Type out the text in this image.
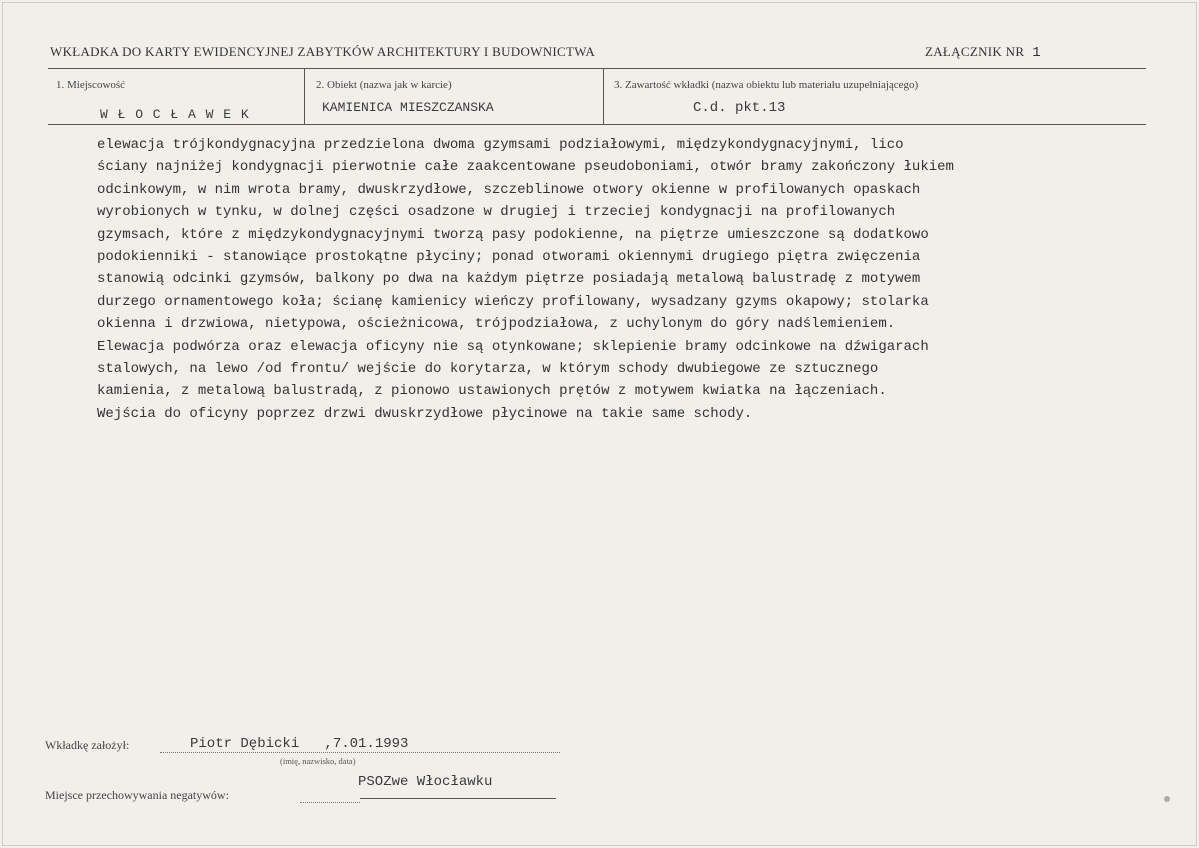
WKŁADKA DO KARTY EWIDENCYJNEJ ZABYTKÓW ARCHITEKTURY I BUDOWNICTWA	ZAŁĄCZNIK NR 1
1. Miejscowość
W Ł O C Ł A W E K
2. Obiekt (nazwa jak w karcie)
KAMIENICA MIESZCZANSKA
3. Zawartość wkładki (nazwa obiektu lub materiału uzupełniającego)
C.d. pkt.13
elewacja trójkondygnacyjna przedzielona dwoma gzymsami podziałowymi, międzykondygnacyjnymi, lico
ściany najniżej kondygnacji pierwotnie całe zaakcentowane pseudoboniami, otwór bramy zakończony łukiem
odcinkowym, w nim wrota bramy, dwuskrzydłowe, szczeblinowe otwory okienne w profilowanych opaskach
wyrobionych w tynku, w dolnej części osadzone w drugiej i trzeciej kondygnacji na profilowanych
gzymsach, które z międzykondygnacyjnymi tworzą pasy podokienne, na piętrze umieszczone są dodatkowo
podokienniki - stanowiące prostokątne płyciny; ponad otworami okiennymi drugiego piętra zwięczenia
stanowią odcinki gzymsów, balkony po dwa na każdym piętrze posiadają metalową balustradę z motywem
durzego ornamentowego koła; ścianę kamienicy wieńczy profilowany, wysadzany gzyms okapowy; stolarka
okienna i drzwiowa, nietypowa, ościeżnicowa, trójpodziałowa, z uchylonym do góry nadślemieniem.
Elewacja podwórza oraz elewacja oficyny nie są otynkowane; sklepienie bramy odcinkowe na dźwigarach
stalowych, na lewo /od frontu/ wejście do korytarza, w którym schody dwubiegowe ze sztucznego
kamienia, z metalową balustradą, z pionowo ustawionych prętów z motywem kwiatka na łączeniach.
Wejścia do oficyny poprzez drzwi dwuskrzydłowe płycinowe na takie same schody.
Wkładkę założył:	Piotr Dębicki   ,7.01.1993
(imię, nazwisko, data)
Miejsce przechowywania negatywów:
PSOZwe Włocławku
